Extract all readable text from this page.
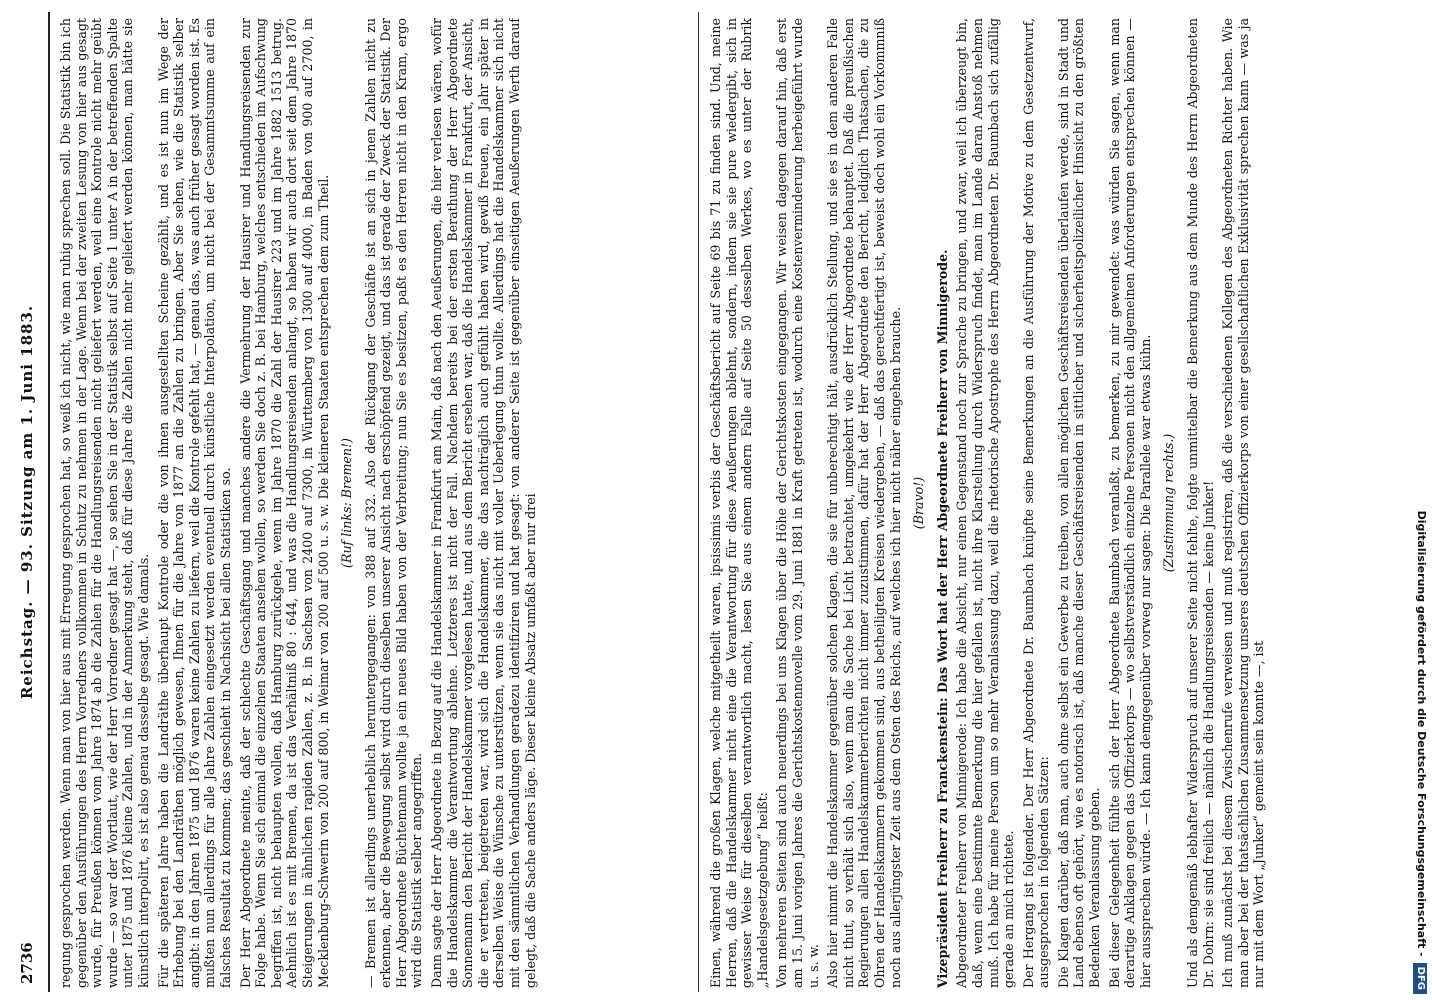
2736
Reichstag. — 93. Sitzung am 1. Juni 1883. regung gesprochen werden. Wenn man von hier aus mit Erregung gesprochen hat, so weiß ich nicht, wie man ruhig sprechen soll. Die Statistik bin ich gegenüber den Ausführungen des Herrn Vorredners vollkommen in Schutz zu nehmen in der Lage. Wenn bei der zweiten Lesung von hier aus gesagt wurde, für Preußen können vom Jahre 1874 ab die Zahlen für die Handlungsreisenden nicht geliefert werden, weil eine Kontrole nicht mehr geübt wurde — so war der Wortlaut, wie der Herr Vorredner gesagt hat —, so sehen Sie in der Statistik selbst auf Seite 1 unter A in der betreffenden Spalte unter 1875 und 1876 kleine Zahlen, und in der Anmerkung steht, daß für diese Jahre die Zahlen nicht mehr geliefert werden können, man hätte sie künstlich interpolirt, es ist also genau dasselbe gesagt. Wie damals. Für die späteren Jahre haben die Landräthe überhaupt Kontrole oder die von ihnen ausgestellten Scheine gezählt, und es ist nun im Wege der Erhebung bei den Landräthen möglich gewesen, Ihnen für die Jahre von 1877 an die Zahlen zu bringen. Aber Sie sehen, wie die Statistik selber angibt: in den Jahren 1875 und 1876 waren keine Zahlen zu liefern, weil die Kontrole gefehlt hat, — genau das, was auch früher gesagt worden ist. Es mußten nun allerdings für alle Jahre Zahlen eingesetzt werden eventuell durch künstliche Interpolation, um nicht bei der Gesammtsumme auf ein falsches Resultat zu kommen; das geschieht in Nachsicht bei allen Statistiken so. Der Herr Abgeordnete meinte, daß der schlechte Geschäftsgang und manches andere die Vermehrung der Hausirer und Handlungsreisenden zur Folge habe. Wenn Sie sich einmal die einzelnen Staaten ansehen wollen, so werden Sie doch z. B. bei Hamburg, welches entschieden im Aufschwung begriffen ist, nicht behaupten wollen, daß Hamburg zurückgehe, wenn im Jahre 1870 die Zahl der Hausirer 223 und im Jahre 1882 1513 betrug. Aehnlich ist es mit Bremen, da ist das Verhältniß 80 : 644, und was die Handlungsreisenden anlangt, so haben wir auch dort seit dem Jahre 1870 Steigerungen in ähnlichen rapiden Zahlen, z. B. in Sachsen von 2400 auf 7300, in Württemberg von 1300 auf 4000, in Baden von 900 auf 2700, in Mecklenburg-Schwerin von 200 auf 800, in Weimar von 200 auf 500 u. s. w. Die kleineren Staaten entsprechen dem zum Theil. (Ruf links: Bremen!) — Bremen ist allerdings unerheblich heruntergegangen: von 388 auf 332. Also der Rückgang der Geschäfte ist an sich in jenen Zahlen nicht zu erkennen, aber die Bewegung selbst wird durch dieselben unserer Ansicht nach erschöpfend gezeigt, und das ist gerade der Zweck der Statistik. Der Herr Abgeordnete Büchtemann wollte ja ein neues Bild haben von der Verbreitung; nun Sie es besitzen, paßt es den Herren nicht in den Kram, ergo wird die Statistik selber angegriffen. Dann sagte der Herr Abgeordnete in Bezug auf die Handelskammer in Frankfurt am Main, daß nach den Aeußerungen, die hier verlesen wären, wofür die Handelskammer die Verantwortung ablehne. Letzteres ist nicht der Fall. Nachdem bereits bei der ersten Berathung der Herr Abgeordnete Sonnemann den Bericht der Handelskammer vorgelesen hatte, und aus dem Bericht ersehen war, daß die Handelskammer in Frankfurt, der Ansicht, die er vertreten, beigetreten war, wird sich die Handelskammer, die das nachträglich auch gefühlt haben wird, gewiß freuen, ein Jahr später in derselben Weise die Wünsche zu unterstützen, wenn sie das nicht mit voller Ueberlegung thun wollte. Allerdings hat die Handelskammer sich nicht mit den sämmtlichen Verhandlungen geradezu identifiziren und hat gesagt: von anderer Seite ist gegenüber einseitigen Aeußerungen Werth darauf gelegt, daß die Sache anders läge. Dieser kleine Absatz umfaßt aber nur drei	Einen, während die großen Klagen, welche mitgetheilt waren, ipsissimis verbis der Geschäftsbericht auf Seite 69 bis 71 zu finden sind. Und, meine Herren, daß die Handelskammer nicht eine die Verantwortung für diese Aeußerungen ablehnt, sondern, indem sie sie pure wiedergibt, sich in gewisser Weise für dieselben verantwortlich macht, lesen Sie aus einem andern Falle auf Seite 50 desselben Werkes, wo es unter der Rubrik „Handelsgesetzgebung“ heißt: Von mehreren Seiten sind auch neuerdings bei uns Klagen über die Höhe der Gerichtskosten eingegangen. Wir weisen dagegen darauf hin, daß erst am 15. Juni vorigen Jahres die Gerichtskostennovelle vom 29. Juni 1881 in Kraft getreten ist, wodurch eine Kostenverminderung herbeigeführt wurde u. s. w. Also hier nimmt die Handelskammer gegenüber solchen Klagen, die sie für unberechtigt hält, ausdrücklich Stellung, und sie es in dem anderen Falle nicht thut, so verhält sich also, wenn man die Sache bei Licht betrachtet, umgekehrt wie der Herr Abgeordnete behauptet. Daß die preußischen Regierungen allen Handelskammerberichten nicht immer zuzustimmen, dafür hat der Herr Abgeordnete den Bericht, lediglich Thatsachen, die zu Ohren der Handelskammern gekommen sind, aus betheiligten Kreisen wiedergeben, — daß das gerechtfertigt ist, beweist doch wohl ein Vorkommniß noch aus allerjüngster Zeit aus dem Osten des Reichs, auf welches ich hier nicht näher eingehen brauche. (Bravo!) Vizepräsident Freiherr zu Franckenstein: Das Wort hat der Herr Abgeordnete Freiherr von Minnigerode. Abgeordneter Freiherr von Minnigerode: Ich habe die Absicht, nur einen Gegenstand noch zur Sprache zu bringen, und zwar, weil ich überzeugt bin, daß, wenn eine bestimmte Bemerkung die hier gefallen ist, nicht ihre Klarstellung durch Widerspruch findet, man im Lande daran Anstoß nehmen muß. Ich habe für meine Person um so mehr Veranlassung dazu, weil die rhetorische Apostrophe des Herrn Abgeordneten Dr. Baumbach sich zufällig gerade an mich richtete. Der Hergang ist folgender. Der Herr Abgeordnete Dr. Baumbach knüpfte seine Bemerkungen an die Ausführung der Motive zu dem Gesetzentwurf, ausgesprochen in folgenden Sätzen: Die Klagen darüber, daß man, auch ohne selbst ein Gewerbe zu treiben, von allen möglichen Geschäftsreisenden überlaufen werde, sind in Stadt und Land ebenso oft gehört, wie es notorisch ist, daß manche dieser Geschäftsreisenden in sittlicher und sicherheitspolizeilicher Hinsicht zu den größten Bedenken Veranlassung geben. Bei dieser Gelegenheit fühlte sich der Herr Abgeordnete Baumbach veranlaßt, zu bemerken, zu mir gewendet: was würden Sie sagen, wenn man derartige Anklagen gegen das Offizierkorps — wo selbstverständlich einzelne Personen nicht den allgemeinen Anforderungen entsprechen können — hier aussprechen würde. — Ich kann demgegenüber vorweg nur sagen: Die Parallele war etwas kühn. (Zustimmung rechts.) Und als demgemäß lebhafter Widerspruch auf unserer Seite nicht fehlte, folgte unmittelbar die Bemerkung aus dem Munde des Herrn Abgeordneten Dr. Dohrn: sie sind freilich — nämlich die Handlungsreisenden — keine Junker! Ich muß zunächst bei diesem Zwischenrufe verweisen und muß registriren, daß die verschiedenen Kollegen des Abgeordneten Richter haben. Wie man aber bei der thatsächlichen Zusammensetzung unseres deutschen Offizierkorps von einer gesellschaftlichen Exklusivität sprechen kann — was ja nur mit dem Wort „Junker“ gemeint sein konnte —, ist	Digitalisierung gefördert durch die Deutsche Forschungsgemeinschaft -DFG
